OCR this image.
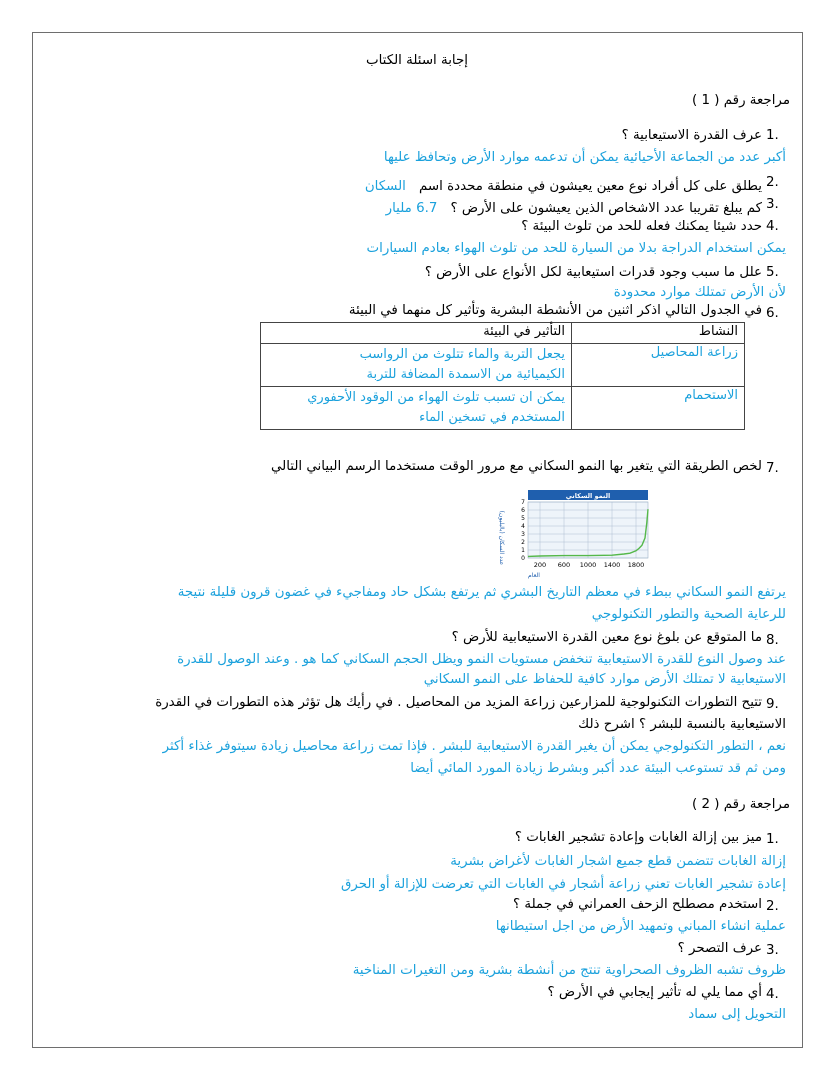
إجابة اسئلة الكتاب
مراجعة رقم ( 1 )
1.
عرف القدرة الاستيعابية ؟
أكبر عدد من الجماعة الأحيائية يمكن أن تدعمه موارد الأرض وتحافظ عليها
2.
يطلق على كل أفراد نوع معين يعيشون في منطقة محددة اسم السكان
3.
كم يبلغ تقريبا عدد الاشخاص الذين يعيشون على الأرض ؟ 6.7 مليار
4.
حدد شيئا يمكنك فعله للحد من تلوث البيئة ؟
يمكن استخدام الدراجة بدلا من السيارة للحد من تلوث الهواء بعادم السيارات
5.
علل ما سبب وجود قدرات استيعابية لكل الأنواع على الأرض ؟
لأن الأرض تمتلك موارد محدودة
6.
في الجدول التالي اذكر اثنين من الأنشطة البشرية وتأثير كل منهما في البيئة
النشاط	التأثير في البيئة
زراعة المحاصيل	يجعل التربة والماء تتلوث من الرواسب
الكيميائية من الاسمدة المضافة للتربة

الاستحمام	يمكن ان تسبب تلوث الهواء من الوقود الأحفوري
المستخدم في تسخين الماء
7.
لخص الطريقة التي يتغير بها النمو السكاني مع مرور الوقت مستخدما الرسم البياني التالي
النمو السكاني
عدد السكان (بالبليون)
العام
0
1
2
3
4
5
6
7
200 600 1000 1400 1800
يرتفع النمو السكاني ببطء في معظم التاريخ البشري ثم يرتفع بشكل حاد ومفاجيء في غضون قرون قليلة نتيجة
للرعاية الصحية والتطور التكنولوجي
8.
ما المتوقع عن بلوغ نوع معين القدرة الاستيعابية للأرض ؟
عند وصول النوع للقدرة الاستيعابية تنخفض مستويات النمو ويظل الحجم السكاني كما هو . وعند الوصول للقدرة
الاستيعابية لا تمتلك الأرض موارد كافية للحفاظ على النمو السكاني
9.
تتيح التطورات التكنولوجية للمزارعين زراعة المزيد من المحاصيل . في رأيك هل تؤثر هذه التطورات في القدرة
الاستيعابية بالنسبة للبشر ؟ اشرح ذلك
نعم ، التطور التكنولوجي يمكن أن يغير القدرة الاستيعابية للبشر . فإذا تمت زراعة محاصيل زيادة سيتوفر غذاء أكثر
ومن ثم قد تستوعب البيئة عدد أكبر وبشرط زيادة المورد المائي أيضا
مراجعة رقم ( 2 )
1.
ميز بين إزالة الغابات وإعادة تشجير الغابات ؟
إزالة الغابات تتضمن قطع جميع اشجار الغابات لأغراض بشرية
إعادة تشجير الغابات تعني زراعة أشجار في الغابات التي تعرضت للإزالة أو الحرق
2.
استخدم مصطلح الزحف العمراني في جملة ؟
عملية انشاء المباني وتمهيد الأرض من اجل استيطانها
3.
عرف التصحر ؟
ظروف تشبه الظروف الصحراوية تنتج من أنشطة بشرية ومن التغيرات المناخية
4.
أي مما يلي له تأثير إيجابي في الأرض ؟
التحويل إلى سماد
